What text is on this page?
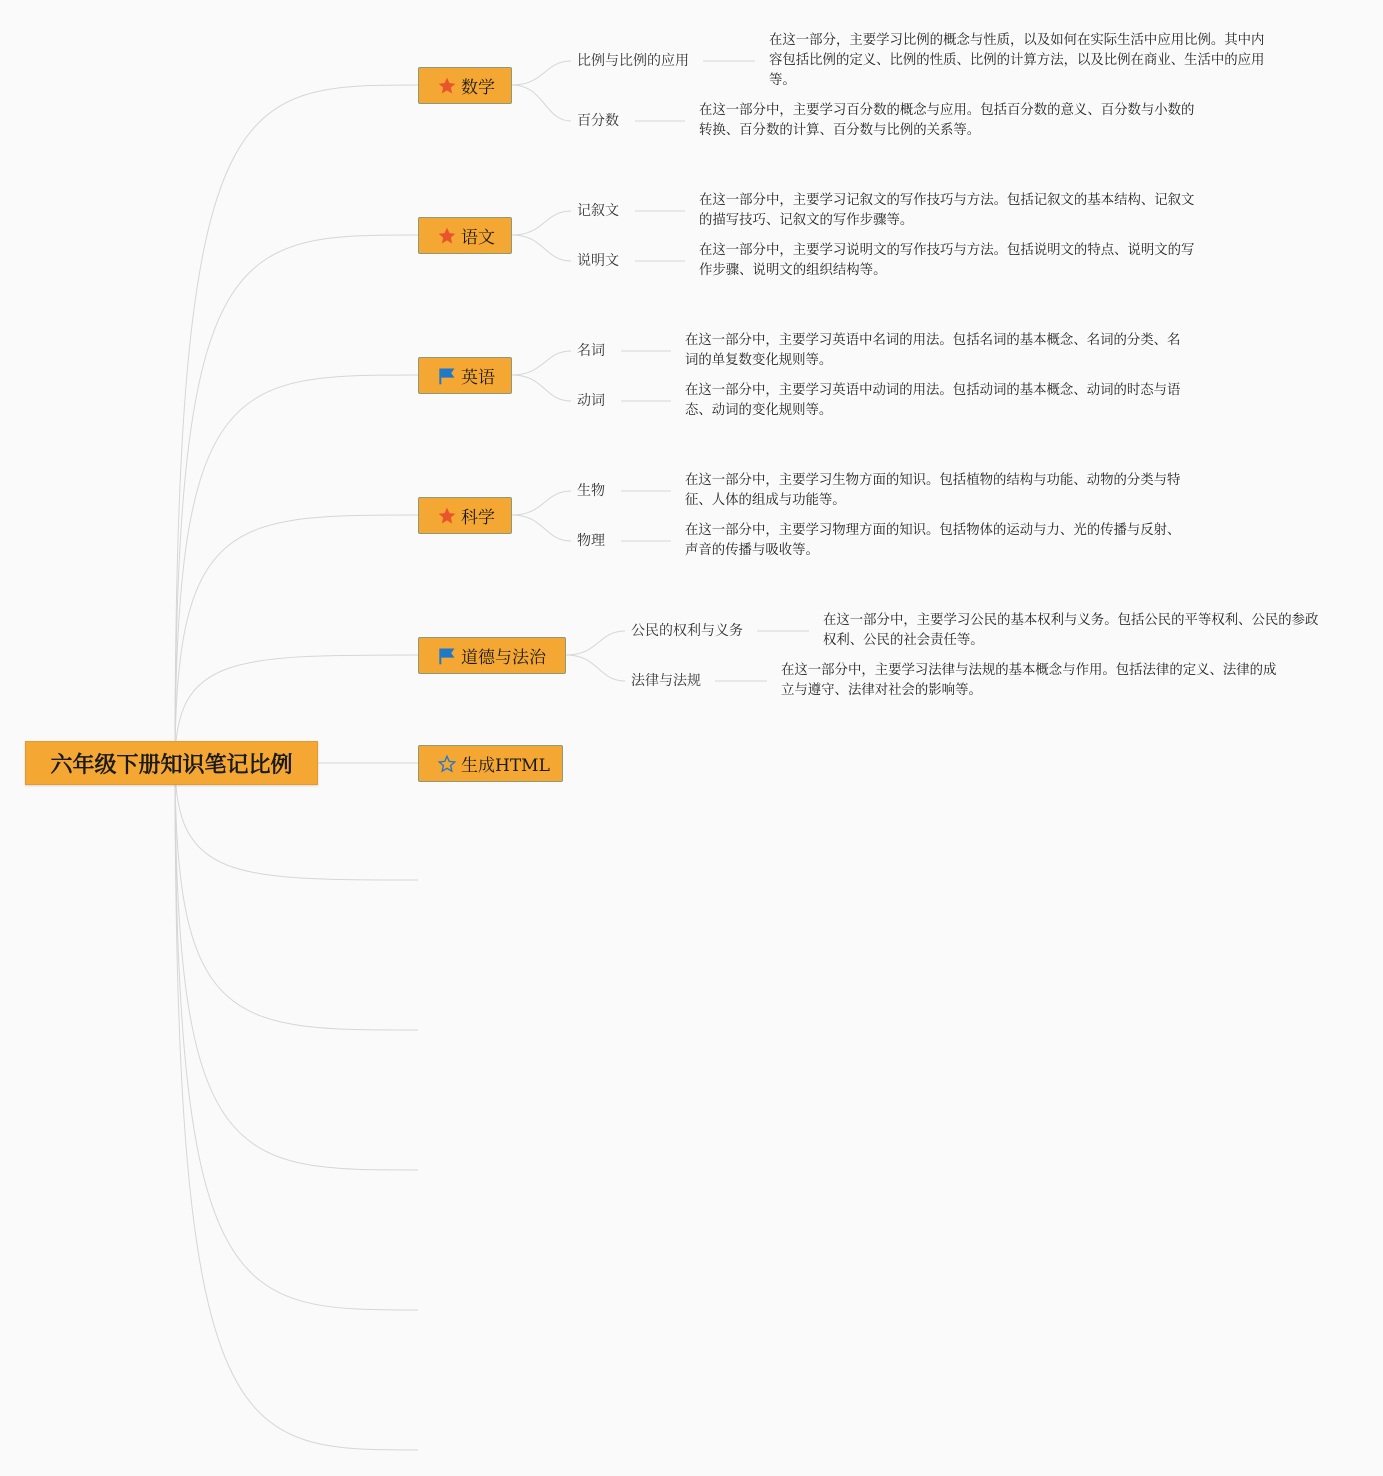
六年级下册知识笔记比例
数学
比例与比例的应用
在这一部分，主要学习比例的概念与性质，以及如何在实际生活中应用比例。其中内容包括比例的定义、比例的性质、比例的计算方法，以及比例在商业、生活中的应用等。
百分数
在这一部分中，主要学习百分数的概念与应用。包括百分数的意义、百分数与小数的转换、百分数的计算、百分数与比例的关系等。
语文
记叙文
在这一部分中，主要学习记叙文的写作技巧与方法。包括记叙文的基本结构、记叙文的描写技巧、记叙文的写作步骤等。
说明文
在这一部分中，主要学习说明文的写作技巧与方法。包括说明文的特点、说明文的写作步骤、说明文的组织结构等。
英语
名词
在这一部分中，主要学习英语中名词的用法。包括名词的基本概念、名词的分类、名词的单复数变化规则等。
动词
在这一部分中，主要学习英语中动词的用法。包括动词的基本概念、动词的时态与语态、动词的变化规则等。
科学
生物
在这一部分中，主要学习生物方面的知识。包括植物的结构与功能、动物的分类与特征、人体的组成与功能等。
物理
在这一部分中，主要学习物理方面的知识。包括物体的运动与力、光的传播与反射、声音的传播与吸收等。
道德与法治
公民的权利与义务
在这一部分中，主要学习公民的基本权利与义务。包括公民的平等权利、公民的参政权利、公民的社会责任等。
法律与法规
在这一部分中，主要学习法律与法规的基本概念与作用。包括法律的定义、法律的成立与遵守、法律对社会的影响等。
生成HTML
